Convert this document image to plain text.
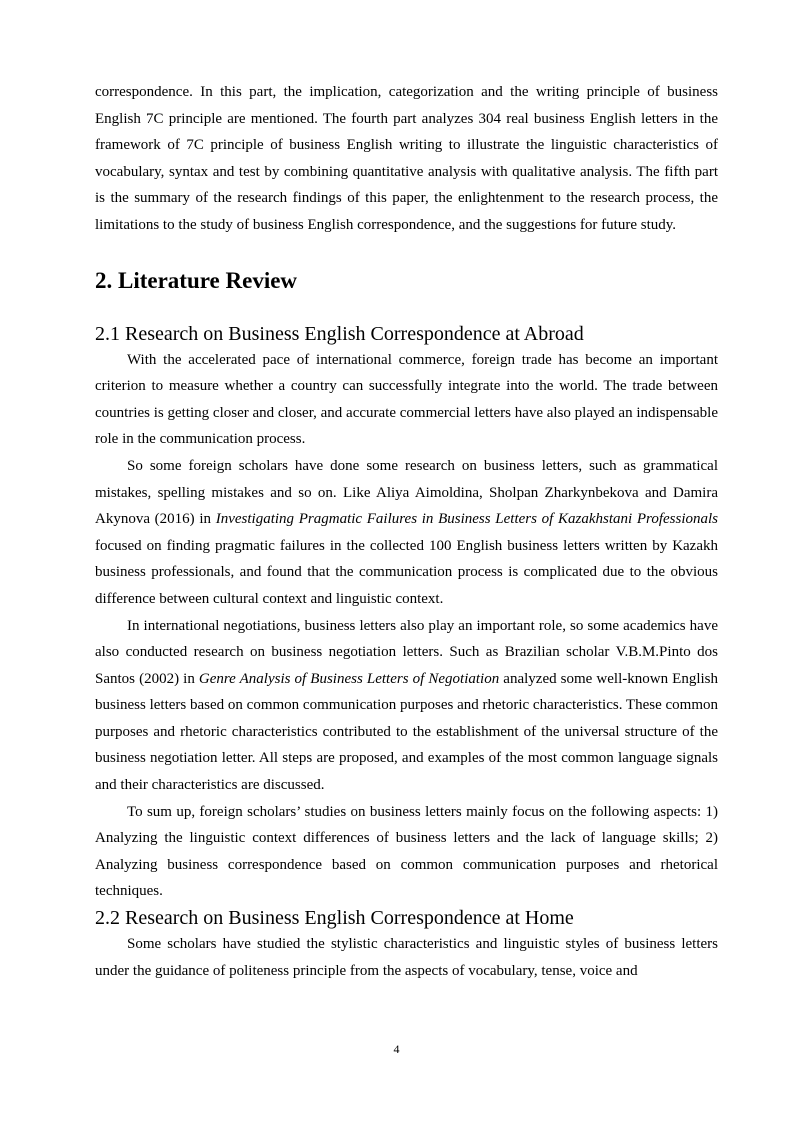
correspondence. In this part, the implication, categorization and the writing principle of business English 7C principle are mentioned. The fourth part analyzes 304 real business English letters in the framework of 7C principle of business English writing to illustrate the linguistic characteristics of vocabulary, syntax and test by combining quantitative analysis with qualitative analysis. The fifth part is the summary of the research findings of this paper, the enlightenment to the research process, the limitations to the study of business English correspondence, and the suggestions for future study.

2. Literature Review
2.1 Research on Business English Correspondence at Abroad

With the accelerated pace of international commerce, foreign trade has become an important criterion to measure whether a country can successfully integrate into the world. The trade between countries is getting closer and closer, and accurate commercial letters have also played an indispensable role in the communication process.

So some foreign scholars have done some research on business letters, such as grammatical mistakes, spelling mistakes and so on. Like Aliya Aimoldina, Sholpan Zharkynbekova and Damira Akynova (2016) in Investigating Pragmatic Failures in Business Letters of Kazakhstani Professionals focused on finding pragmatic failures in the collected 100 English business letters written by Kazakh business professionals, and found that the communication process is complicated due to the obvious difference between cultural context and linguistic context.

In international negotiations, business letters also play an important role, so some academics have also conducted research on business negotiation letters. Such as Brazilian scholar V.B.M.Pinto dos Santos (2002) in Genre Analysis of Business Letters of Negotiation analyzed some well-known English business letters based on common communication purposes and rhetoric characteristics. These common purposes and rhetoric characteristics contributed to the establishment of the universal structure of the business negotiation letter. All steps are proposed, and examples of the most common language signals and their characteristics are discussed.

To sum up, foreign scholars’ studies on business letters mainly focus on the following aspects: 1) Analyzing the linguistic context differences of business letters and the lack of language skills; 2) Analyzing business correspondence based on common communication purposes and rhetorical techniques.

2.2 Research on Business English Correspondence at Home

Some scholars have studied the stylistic characteristics and linguistic styles of business letters under the guidance of politeness principle from the aspects of vocabulary, tense, voice and

4
